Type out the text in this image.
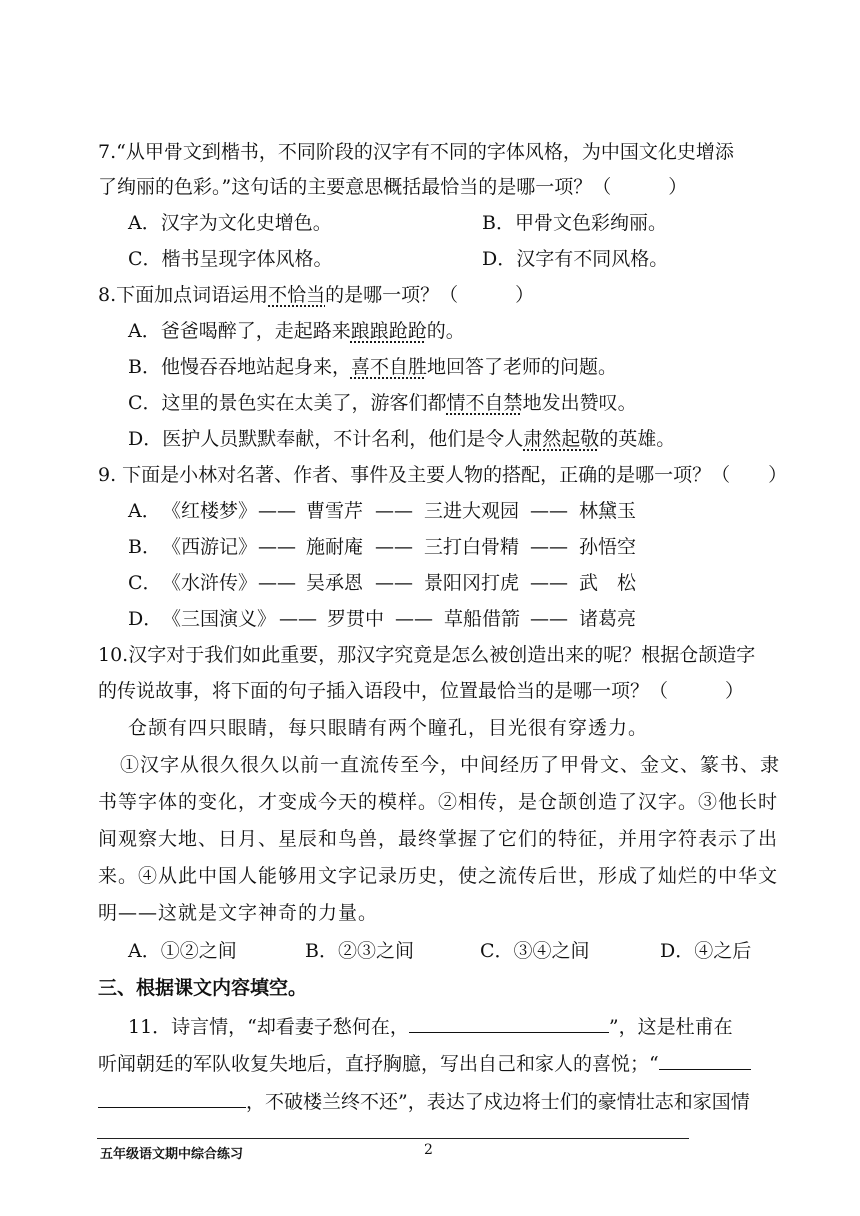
7.“从甲骨文到楷书，不同阶段的汉字有不同的字体风格，为中国文化史增添
了绚丽的色彩。”这句话的主要意思概括最恰当的是哪一项？（　　　）
A．汉字为文化史增色。	B．甲骨文色彩绚丽。
C．楷书呈现字体风格。	D．汉字有不同风格。
8.下面加点词语运用不恰当的是哪一项？（　　　）
A．爸爸喝醉了，走起路来踉踉跄跄的。
B．他慢吞吞地站起身来，喜不自胜地回答了老师的问题。
C．这里的景色实在太美了，游客们都情不自禁地发出赞叹。
D．医护人员默默奉献，不计名利，他们是令人肃然起敬的英雄。
9. 下面是小林对名著、作者、事件及主要人物的搭配，正确的是哪一项？（　　）
A． 《红楼梦》 —— 曹雪芹 —— 三进大观园 —— 林黛玉
B． 《西游记》 —— 施耐庵 —— 三打白骨精 —— 孙悟空
C． 《水浒传》 —— 吴承恩 —— 景阳冈打虎 —— 武　松
D． 《三国演义》 —— 罗贯中 —— 草船借箭 —— 诸葛亮
10.汉字对于我们如此重要，那汉字究竟是怎么被创造出来的呢？根据仓颉造字
的传说故事，将下面的句子插入语段中，位置最恰当的是哪一项？（　　　）
仓颉有四只眼睛，每只眼睛有两个瞳孔，目光很有穿透力。
①汉字从很久很久以前一直流传至今，中间经历了甲骨文、金文、篆书、隶
书等字体的变化，才变成今天的模样。②相传，是仓颉创造了汉字。③他长时
间观察大地、日月、星辰和鸟兽，最终掌握了它们的特征，并用字符表示了出
来。④从此中国人能够用文字记录历史，使之流传后世，形成了灿烂的中华文
明——这就是文字神奇的力量。
A．①②之间	B．②③之间	C．③④之间	D．④之后
三、根据课文内容填空。
11．诗言情，“却看妻子愁何在，	”，这是杜甫在
听闻朝廷的军队收复失地后，直抒胸臆，写出自己和家人的喜悦；“
，不破楼兰终不还”，表达了戍边将士们的豪情壮志和家国情
五年级语文期中综合练习	2
